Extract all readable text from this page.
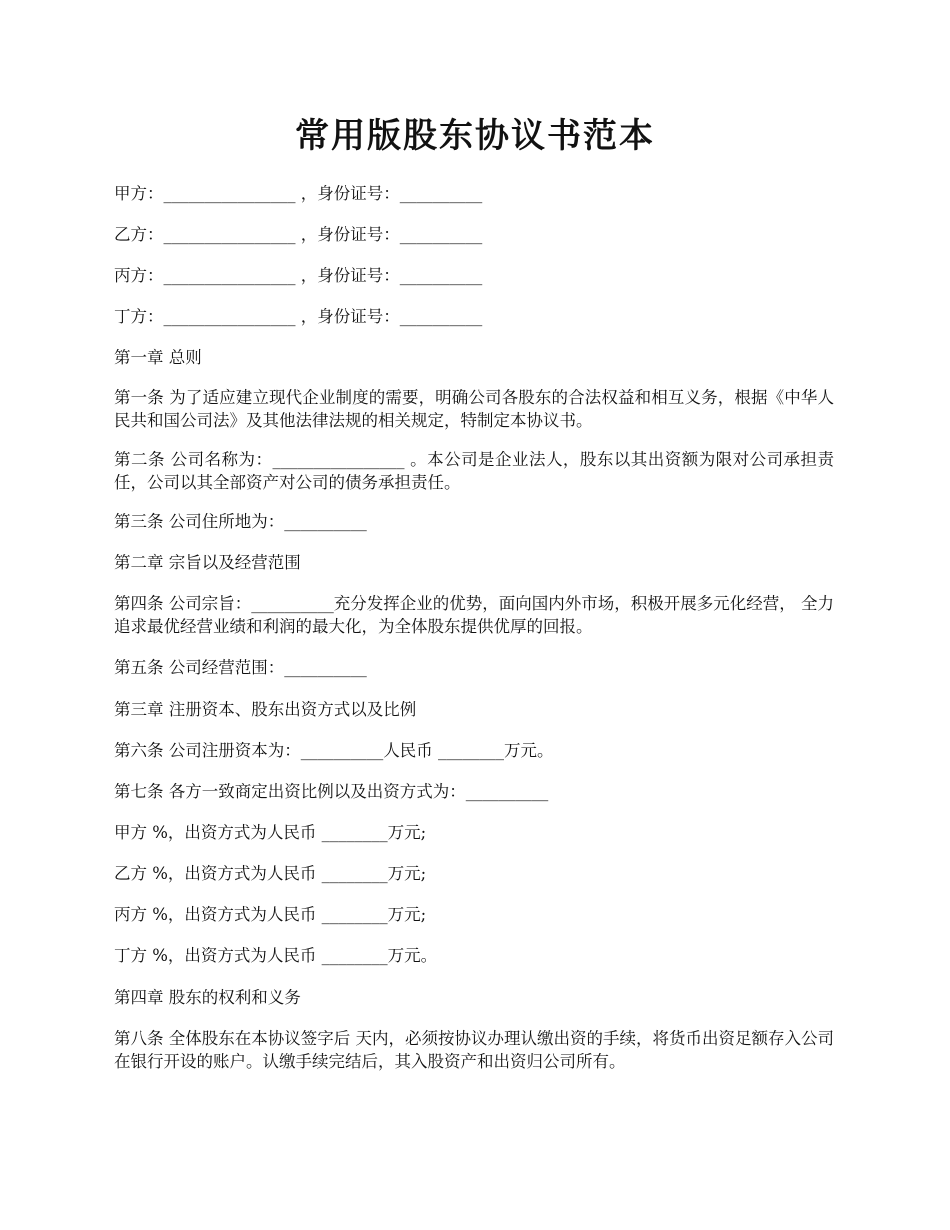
常用版股东协议书范本

甲方：________________ ，身份证号：__________

乙方：________________ ，身份证号：__________

丙方：________________ ，身份证号：__________

丁方：________________ ，身份证号：__________

第一章 总则

第一条 为了适应建立现代企业制度的需要，明确公司各股东的合法权益和相互义务，根据《中华人民共和国公司法》及其他法律法规的相关规定，特制定本协议书。

第二条 公司名称为：________________ 。本公司是企业法人，股东以其出资额为限对公司承担责任，公司以其全部资产对公司的债务承担责任。

第三条 公司住所地为：__________

第二章 宗旨以及经营范围

第四条 公司宗旨：__________充分发挥企业的优势，面向国内外市场，积极开展多元化经营， 全力追求最优经营业绩和利润的最大化，为全体股东提供优厚的回报。

第五条 公司经营范围：__________

第三章 注册资本、股东出资方式以及比例

第六条 公司注册资本为：__________人民币 ________万元。

第七条 各方一致商定出资比例以及出资方式为：__________

甲方 %，出资方式为人民币 ________万元;

乙方 %，出资方式为人民币 ________万元;

丙方 %，出资方式为人民币 ________万元;

丁方 %，出资方式为人民币 ________万元。

第四章 股东的权利和义务

第八条 全体股东在本协议签字后 天内，必须按协议办理认缴出资的手续，将货币出资足额存入公司在银行开设的账户。认缴手续完结后，其入股资产和出资归公司所有。
